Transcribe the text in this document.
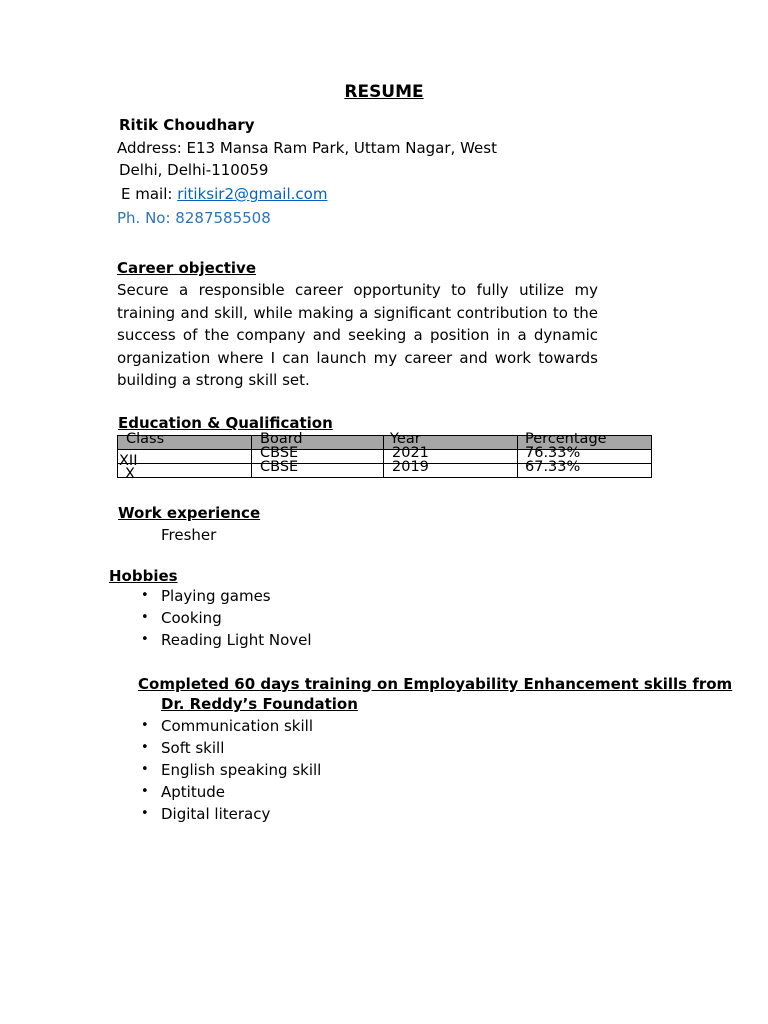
RESUME
Ritik Choudhary
Address: E13 Mansa Ram Park, Uttam Nagar, West
Delhi, Delhi-110059
E mail: ritiksir2@gmail.com
Ph. No: 8287585508
Career objective
Secure a responsible career opportunity to fully utilize my training and skill, while making a significant contribution to the success of the company and seeking a position in a dynamic organization where I can launch my career and work towards building a strong skill set.
Education & Qualification
Class	Board	Year	Percentage
XII	CBSE	2021	76.33%
X	CBSE	2019	67.33%
Work experience
Fresher
Hobbies
• Playing games
• Cooking
• Reading Light Novel
Completed 60 days training on Employability Enhancement skills from
Dr. Reddy’s Foundation
• Communication skill
• Soft skill
• English speaking skill
• Aptitude
• Digital literacy
